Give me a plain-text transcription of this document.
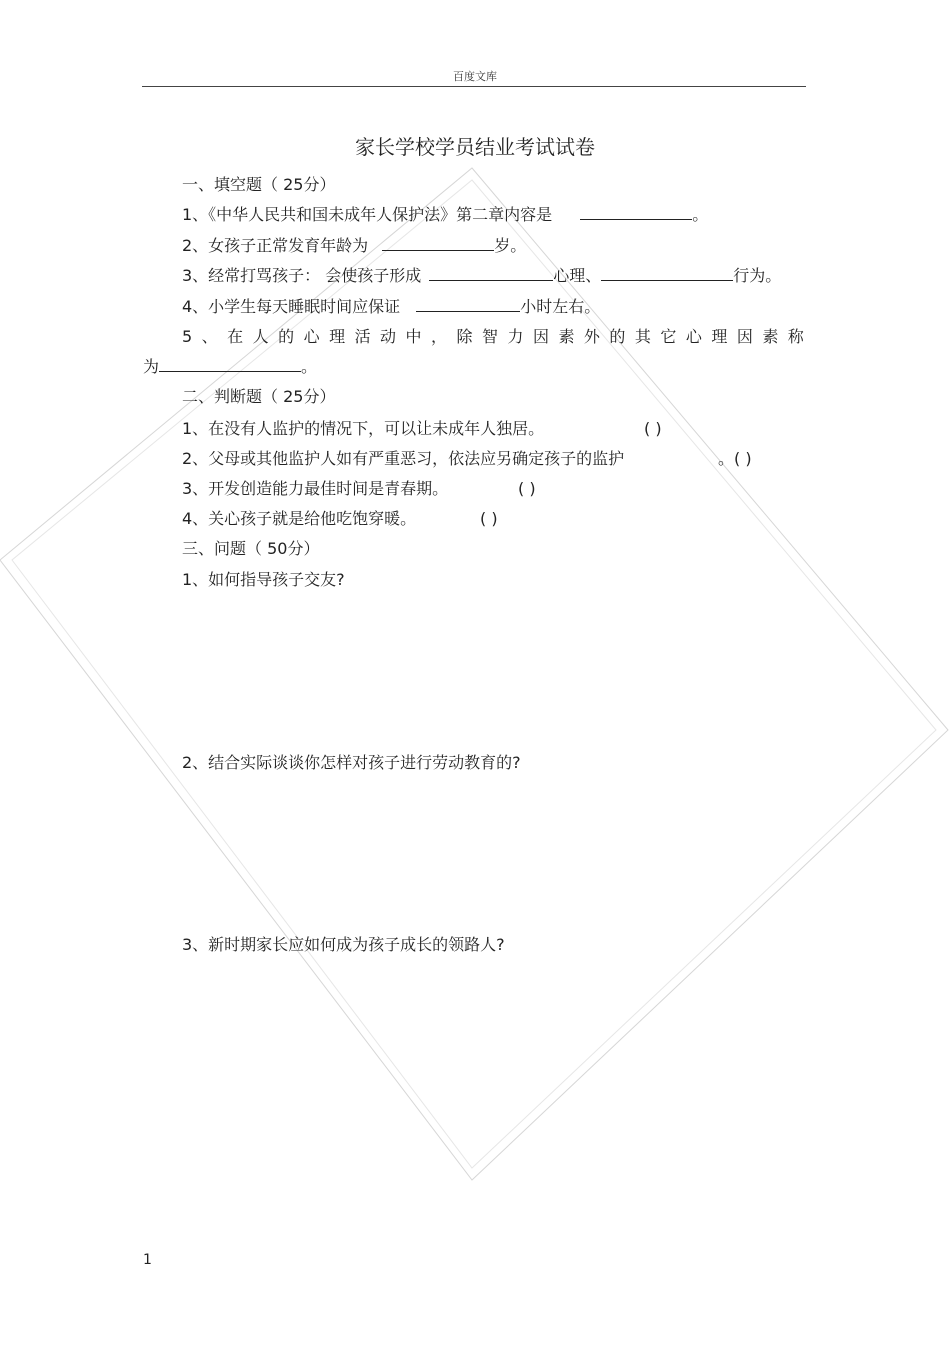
百度文库
家长学校学员结业考试试卷
一、填空题（ 25分）
1、《中华人民共和国未成年人保护法》第二章内容是	。
2、女孩子正常发育年龄为	岁。
3、经常打骂孩子： 会使孩子形成	心理、	行为。
4、小学生每天睡眠时间应保证	小时左右。
5 、 在 人 的 心 理 活 动 中 ， 除 智 力 因 素 外 的 其 它 心 理 因 素 称
为	。
二、判断题（ 25分）
1、在没有人监护的情况下，可以让未成年人独居。	( )
2、父母或其他监护人如有严重恶习，依法应另确定孩子的监护	。( )
3、开发创造能力最佳时间是青春期。	( )
4、关心孩子就是给他吃饱穿暖。	( )
三、问题（ 50分）
1、如何指导孩子交友?
2、结合实际谈谈你怎样对孩子进行劳动教育的?
3、新时期家长应如何成为孩子成长的领路人?
1
